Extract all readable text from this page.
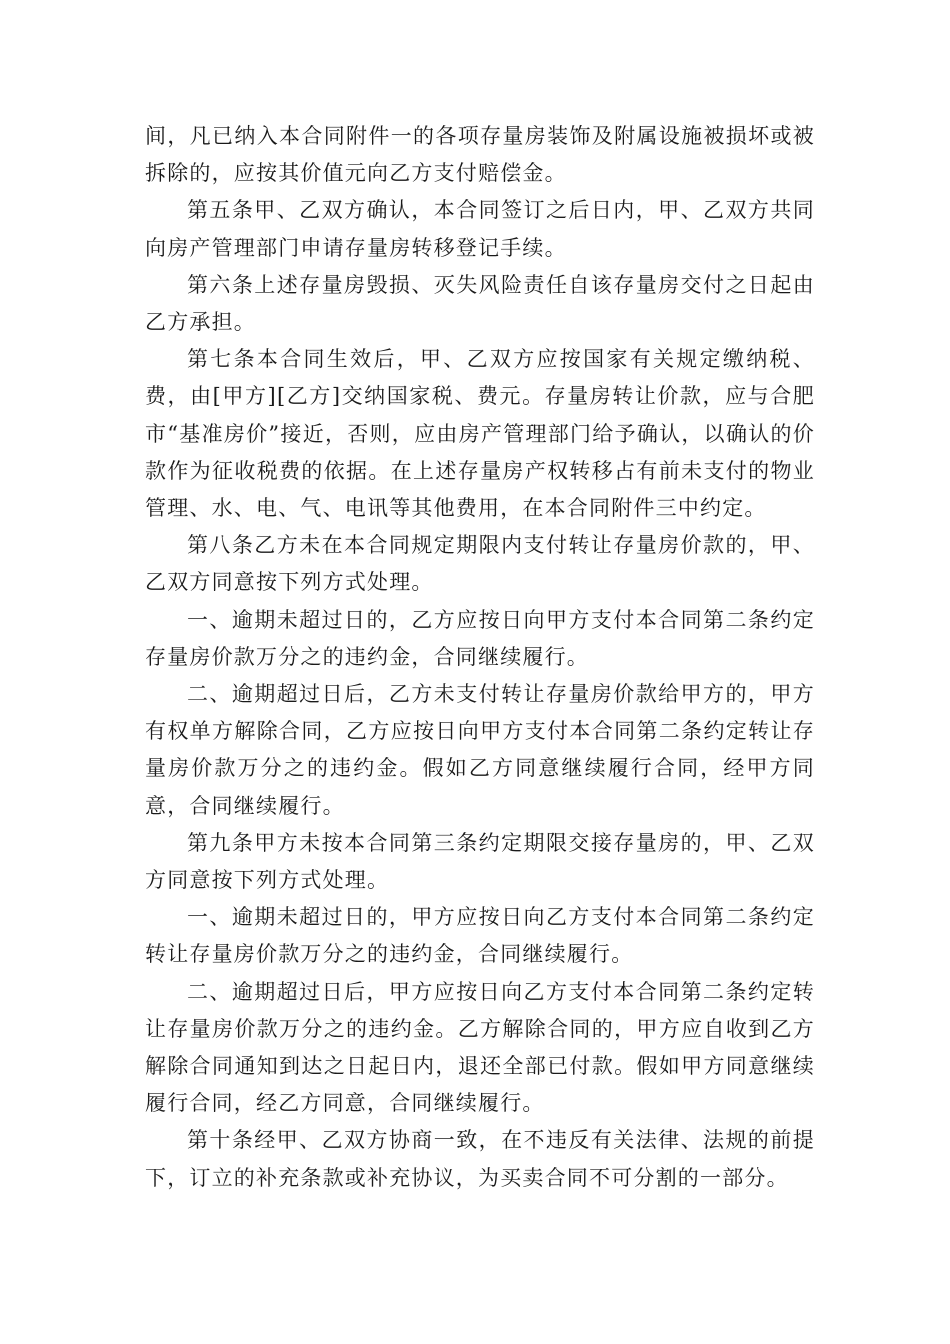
间，凡已纳入本合同附件一的各项存量房装饰及附属设施被损坏或被拆除的，应按其价值元向乙方支付赔偿金。

第五条甲、乙双方确认，本合同签订之后日内，甲、乙双方共同向房产管理部门申请存量房转移登记手续。

第六条上述存量房毁损、灭失风险责任自该存量房交付之日起由乙方承担。

第七条本合同生效后，甲、乙双方应按国家有关规定缴纳税、费，由[甲方][乙方]交纳国家税、费元。存量房转让价款，应与合肥市“基准房价”接近，否则，应由房产管理部门给予确认，以确认的价款作为征收税费的依据。在上述存量房产权转移占有前未支付的物业管理、水、电、气、电讯等其他费用，在本合同附件三中约定。

第八条乙方未在本合同规定期限内支付转让存量房价款的，甲、乙双方同意按下列方式处理。

一、逾期未超过日的，乙方应按日向甲方支付本合同第二条约定存量房价款万分之的违约金，合同继续履行。

二、逾期超过日后，乙方未支付转让存量房价款给甲方的，甲方有权单方解除合同，乙方应按日向甲方支付本合同第二条约定转让存量房价款万分之的违约金。假如乙方同意继续履行合同，经甲方同意，合同继续履行。

第九条甲方未按本合同第三条约定期限交接存量房的，甲、乙双方同意按下列方式处理。

一、逾期未超过日的，甲方应按日向乙方支付本合同第二条约定转让存量房价款万分之的违约金，合同继续履行。

二、逾期超过日后，甲方应按日向乙方支付本合同第二条约定转让存量房价款万分之的违约金。乙方解除合同的，甲方应自收到乙方解除合同通知到达之日起日内，退还全部已付款。假如甲方同意继续履行合同，经乙方同意，合同继续履行。

第十条经甲、乙双方协商一致，在不违反有关法律、法规的前提下，订立的补充条款或补充协议，为买卖合同不可分割的一部分。
